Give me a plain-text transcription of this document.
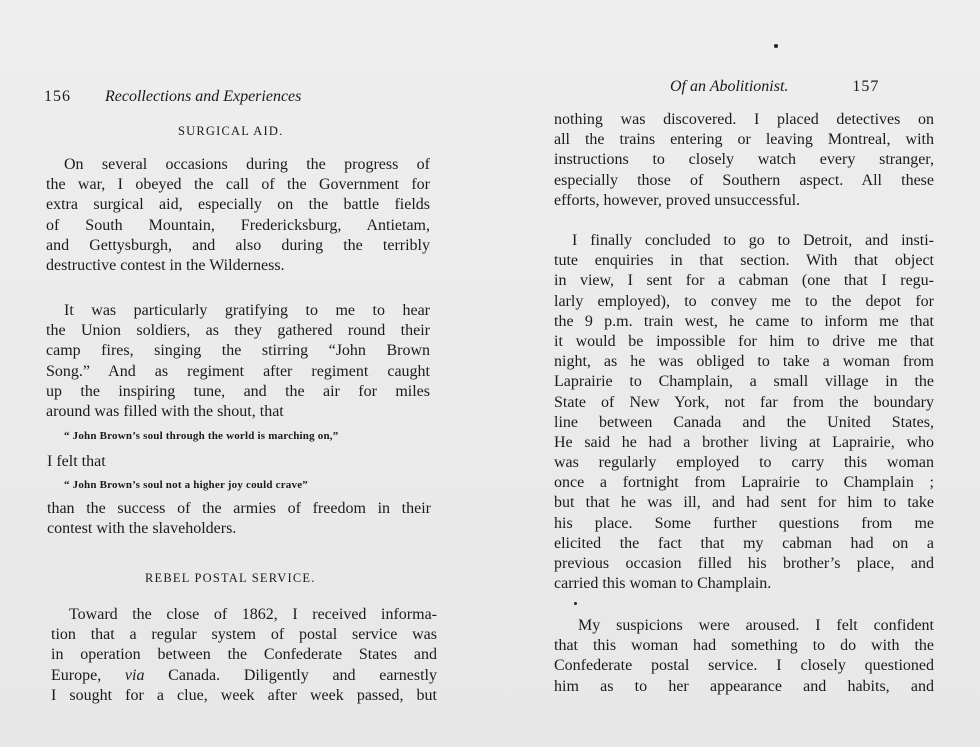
156 Recollections and Experiences
SURGICAL AID.
On several occasions during the progress of
the war, I obeyed the call of the Government for
extra surgical aid, especially on the battle fields
of South Mountain, Fredericksburg, Antietam,
and Gettysburgh, and also during the terribly
destructive contest in the Wilderness.
It was particularly gratifying to me to hear
the Union soldiers, as they gathered round their
camp fires, singing the stirring “John Brown
Song.” And as regiment after regiment caught
up the inspiring tune, and the air for miles
around was filled with the shout, that
“ John Brown’s soul through the world is marching on,”
I felt that
“ John Brown’s soul not a higher joy could crave”
than the success of the armies of freedom in their
contest with the slaveholders.
REBEL POSTAL SERVICE.
Toward the close of 1862, I received informa-
tion that a regular system of postal service was
in operation between the Confederate States and
Europe, via Canada. Diligently and earnestly
I sought for a clue, week after week passed, but
Of an Abolitionist.	157
nothing was discovered. I placed detectives on
all the trains entering or leaving Montreal, with
instructions to closely watch every stranger,
especially those of Southern aspect. All these
efforts, however, proved unsuccessful.
I finally concluded to go to Detroit, and insti-
tute enquiries in that section. With that object
in view, I sent for a cabman (one that I regu-
larly employed), to convey me to the depot for
the 9 p.m. train west, he came to inform me that
it would be impossible for him to drive me that
night, as he was obliged to take a woman from
Laprairie to Champlain, a small village in the
State of New York, not far from the boundary
line between Canada and the United States,
He said he had a brother living at Laprairie, who
was regularly employed to carry this woman
once a fortnight from Laprairie to Champlain ;
but that he was ill, and had sent for him to take
his place. Some further questions from me
elicited the fact that my cabman had on a
previous occasion filled his brother’s place, and
carried this woman to Champlain.
My suspicions were aroused. I felt confident
that this woman had something to do with the
Confederate postal service. I closely questioned
him as to her appearance and habits, and
